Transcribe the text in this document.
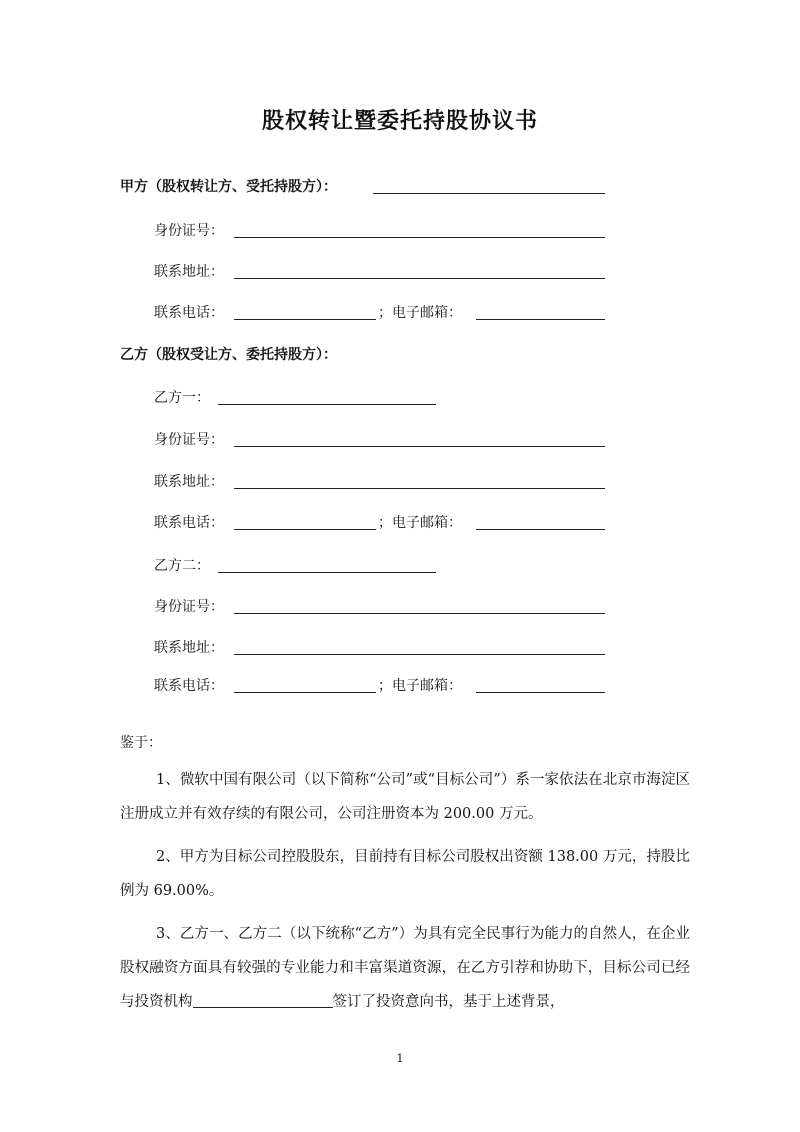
股权转让暨委托持股协议书
甲方（股权转让方、受托持股方）：
身份证号：
联系地址：
联系电话：	；电子邮箱：
乙方（股权受让方、委托持股方）：
乙方一：
身份证号：
联系地址：
联系电话：	；电子邮箱：
乙方二：
身份证号：
联系地址：
联系电话：	；电子邮箱：
鉴于：
1、微软中国有限公司（以下简称“公司”或“目标公司”）系一家依法在北京市海淀区注册成立并有效存续的有限公司，公司注册资本为 200.00 万元。
2、甲方为目标公司控股股东，目前持有目标公司股权出资额 138.00 万元，持股比例为 69.00%。
3、乙方一、乙方二（以下统称“乙方”）为具有完全民事行为能力的自然人，在企业股权融资方面具有较强的专业能力和丰富渠道资源，在乙方引荐和协助下，目标公司已经与投资机构	签订了投资意向书，基于上述背景，
1
